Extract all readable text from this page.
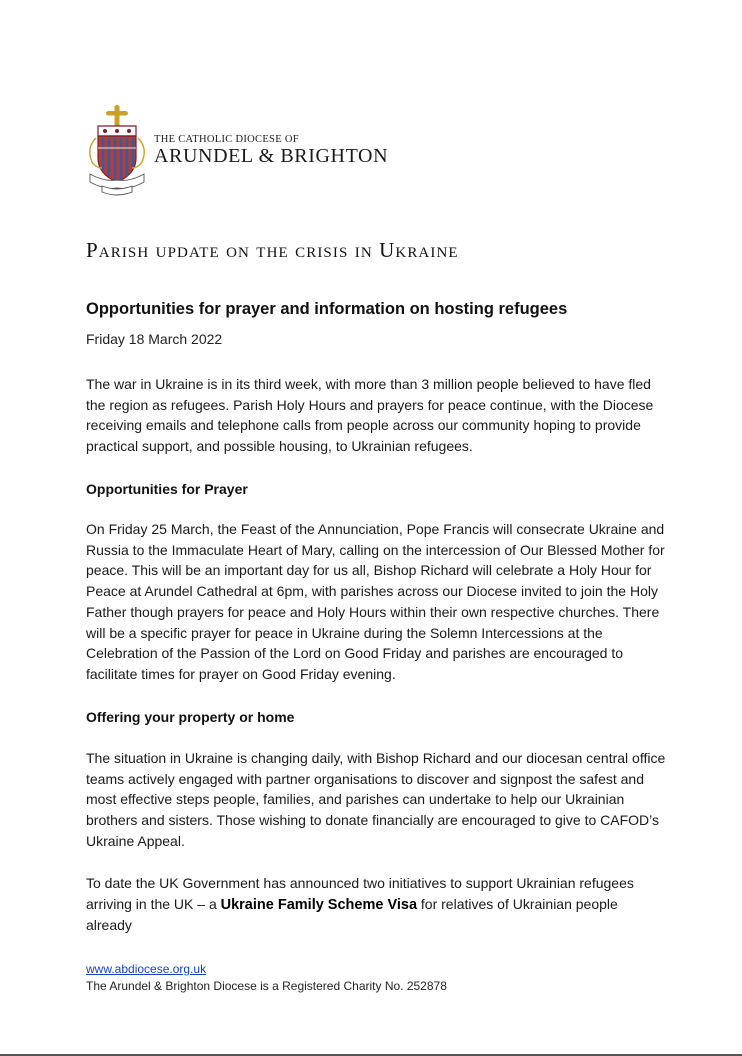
THE CATHOLIC DIOCESE OF
ARUNDEL & BRIGHTON
Parish update on the crisis in Ukraine
Opportunities for prayer and information on hosting refugees
Friday 18 March 2022

The war in Ukraine is in its third week, with more than 3 million people believed to have fled the region as refugees. Parish Holy Hours and prayers for peace continue, with the Diocese receiving emails and telephone calls from people across our community hoping to provide practical support, and possible housing, to Ukrainian refugees.

Opportunities for Prayer

On Friday 25 March, the Feast of the Annunciation, Pope Francis will consecrate Ukraine and Russia to the Immaculate Heart of Mary, calling on the intercession of Our Blessed Mother for peace. This will be an important day for us all, Bishop Richard will celebrate a Holy Hour for Peace at Arundel Cathedral at 6pm, with parishes across our Diocese invited to join the Holy Father though prayers for peace and Holy Hours within their own respective churches. There will be a specific prayer for peace in Ukraine during the Solemn Intercessions at the Celebration of the Passion of the Lord on Good Friday and parishes are encouraged to facilitate times for prayer on Good Friday evening.

Offering your property or home

The situation in Ukraine is changing daily, with Bishop Richard and our diocesan central office teams actively engaged with partner organisations to discover and signpost the safest and most effective steps people, families, and parishes can undertake to help our Ukrainian brothers and sisters. Those wishing to donate financially are encouraged to give to CAFOD’s Ukraine Appeal.

To date the UK Government has announced two initiatives to support Ukrainian refugees arriving in the UK – a Ukraine Family Scheme Visa for relatives of Ukrainian people already

www.abdiocese.org.uk
The Arundel & Brighton Diocese is a Registered Charity No. 252878
